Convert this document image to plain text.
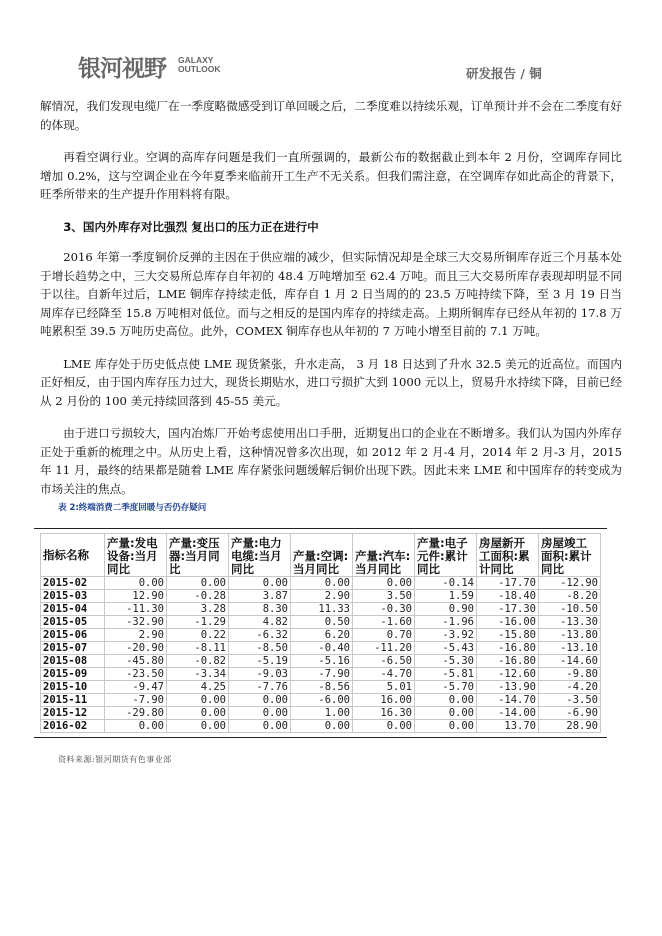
银河视野 GALAXY
OUTLOOK	研发报告 / 铜

解情况，我们发现电缆厂在一季度略微感受到订单回暖之后，二季度难以持续乐观，订单预计并不会在二季度有好的体现。

再看空调行业。空调的高库存问题是我们一直所强调的，最新公布的数据截止到本年 2 月份，空调库存同比增加 0.2%，这与空调企业在今年夏季来临前开工生产不无关系。但我们需注意，在空调库存如此高企的背景下，旺季所带来的生产提升作用料将有限。

3、国内外库存对比强烈 复出口的压力正在进行中

2016 年第一季度铜价反弹的主因在于供应端的减少，但实际情况却是全球三大交易所铜库存近三个月基本处于增长趋势之中，三大交易所总库存自年初的 48.4 万吨增加至 62.4 万吨。而且三大交易所库存表现却明显不同于以往。自新年过后，LME 铜库存持续走低，库存自 1 月 2 日当周的的 23.5 万吨持续下降，至 3 月 19 日当周库存已经降至 15.8 万吨相对低位。而与之相反的是国内库存的持续走高。上期所铜库存已经从年初的 17.8 万吨累积至 39.5 万吨历史高位。此外，COMEX 铜库存也从年初的 7 万吨小增至目前的 7.1 万吨。

LME 库存处于历史低点使 LME 现货紧张，升水走高， 3 月 18 日达到了升水 32.5 美元的近高位。而国内正好相反，由于国内库存压力过大，现货长期贴水，进口亏损扩大到 1000 元以上，贸易升水持续下降，目前已经从 2 月份的 100 美元持续回落到 45-55 美元。

由于进口亏损较大，国内冶炼厂开始考虑使用出口手册，近期复出口的企业在不断增多。我们认为国内外库存正处于重新的梳理之中。从历史上看，这种情况曾多次出现，如 2012 年 2 月-4 月，2014 年 2 月-3 月，2015 年 11 月，最终的结果都是随着 LME 库存紧张问题缓解后铜价出现下跌。因此未来 LME 和中国库存的转变成为市场关注的焦点。

表 2:终端消费二季度回暖与否仍存疑问
指标名称	产量:发电设备:当月同比	产量:变压器:当月同比	产量:电力电缆:当月同比	产量:空调:当月同比	产量:汽车:当月同比	产量:电子元件:累计同比	房屋新开工面积:累计同比	房屋竣工面积:累计同比
2015-02	0.00	0.00	0.00	0.00	0.00	-0.14	-17.70	-12.90
2015-03	12.90	-0.28	3.87	2.90	3.50	1.59	-18.40	-8.20
2015-04	-11.30	3.28	8.30	11.33	-0.30	0.90	-17.30	-10.50
2015-05	-32.90	-1.29	4.82	0.50	-1.60	-1.96	-16.00	-13.30
2015-06	2.90	0.22	-6.32	6.20	0.70	-3.92	-15.80	-13.80
2015-07	-20.90	-8.11	-8.50	-0.40	-11.20	-5.43	-16.80	-13.10
2015-08	-45.80	-0.82	-5.19	-5.16	-6.50	-5.30	-16.80	-14.60
2015-09	-23.50	-3.34	-9.03	-7.90	-4.70	-5.81	-12.60	-9.80
2015-10	-9.47	4.25	-7.76	-8.56	5.01	-5.70	-13.90	-4.20
2015-11	-7.90	0.00	0.00	-6.00	16.00	0.00	-14.70	-3.50
2015-12	-29.80	0.00	0.00	1.00	16.30	0.00	-14.00	-6.90
2016-02	0.00	0.00	0.00	0.00	0.00	0.00	13.70	28.90
资料来源:银河期货有色事业部
